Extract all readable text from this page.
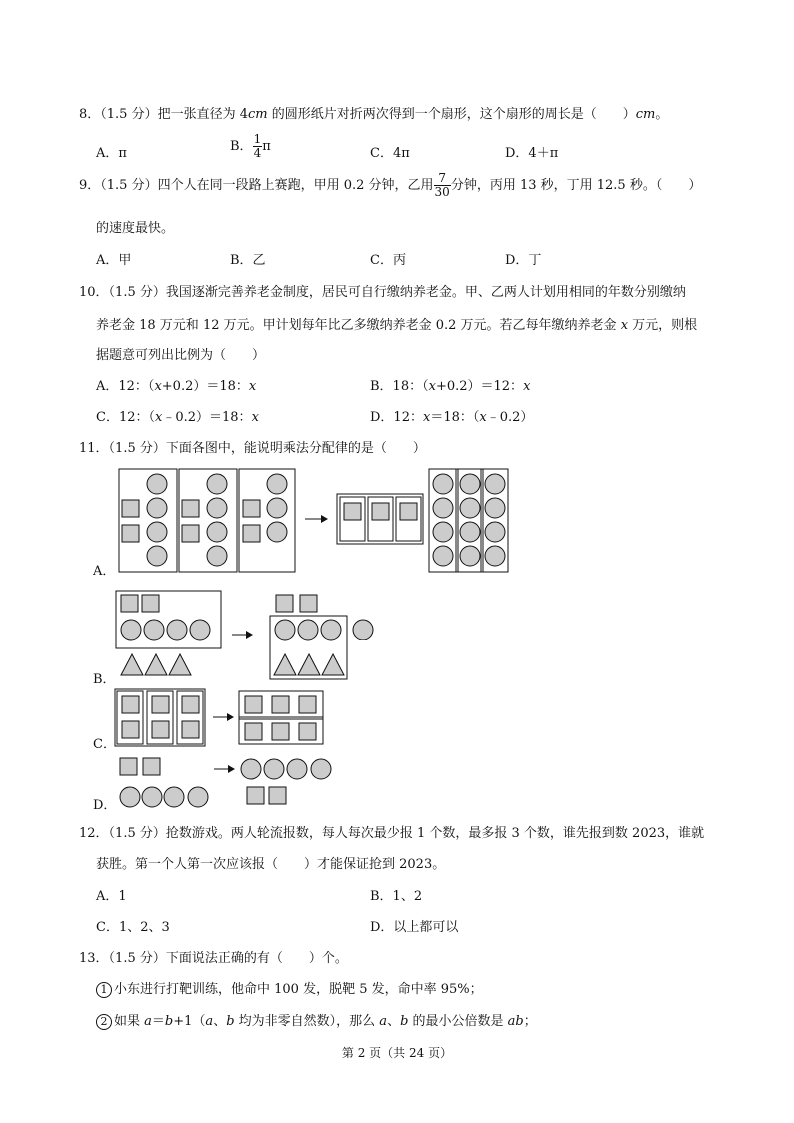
8．（1.5 分）把一张直径为 4cm 的圆形纸片对折两次得到一个扇形，这个扇形的周长是（　　）cm。
A．π	B． $\frac{1}{4}$ π	C．4π	D．4＋π
9．（1.5 分）四个人在同一段路上赛跑，甲用 0.2 分钟，乙用 $\frac{7}{30}$ 分钟，丙用 13 秒，丁用 12.5 秒。（　　）
的速度最快。
A．甲	B．乙	C．丙	D．丁
10．（1.5 分）我国逐渐完善养老金制度，居民可自行缴纳养老金。甲、乙两人计划用相同的年数分别缴纳
养老金 18 万元和 12 万元。甲计划每年比乙多缴纳养老金 0.2 万元。若乙每年缴纳养老金 x 万元，则根
据题意可列出比例为（　　）
A．12：（x+0.2）＝18：x	B．18：（x+0.2）＝12：x
C．12：（x﹣0.2）＝18：x	D．12：x＝18：（x﹣0.2）
11．（1.5 分）下面各图中，能说明乘法分配律的是（　　）
A．
B．
C．
D．
12．（1.5 分）抢数游戏。两人轮流报数，每人每次最少报 1 个数，最多报 3 个数，谁先报到数 2023，谁就
获胜。第一个人第一次应该报（　　）才能保证抢到 2023。
A．1	B．1、2
C．1、2、3	D．以上都可以
13．（1.5 分）下面说法正确的有（　　）个。
1 小东进行打靶训练，他命中 100 发，脱靶 5 发，命中率 95%；
2 如果 a＝b+1（a、b 均为非零自然数），那么 a、b 的最小公倍数是 ab；
第 2 页（共 24 页）
